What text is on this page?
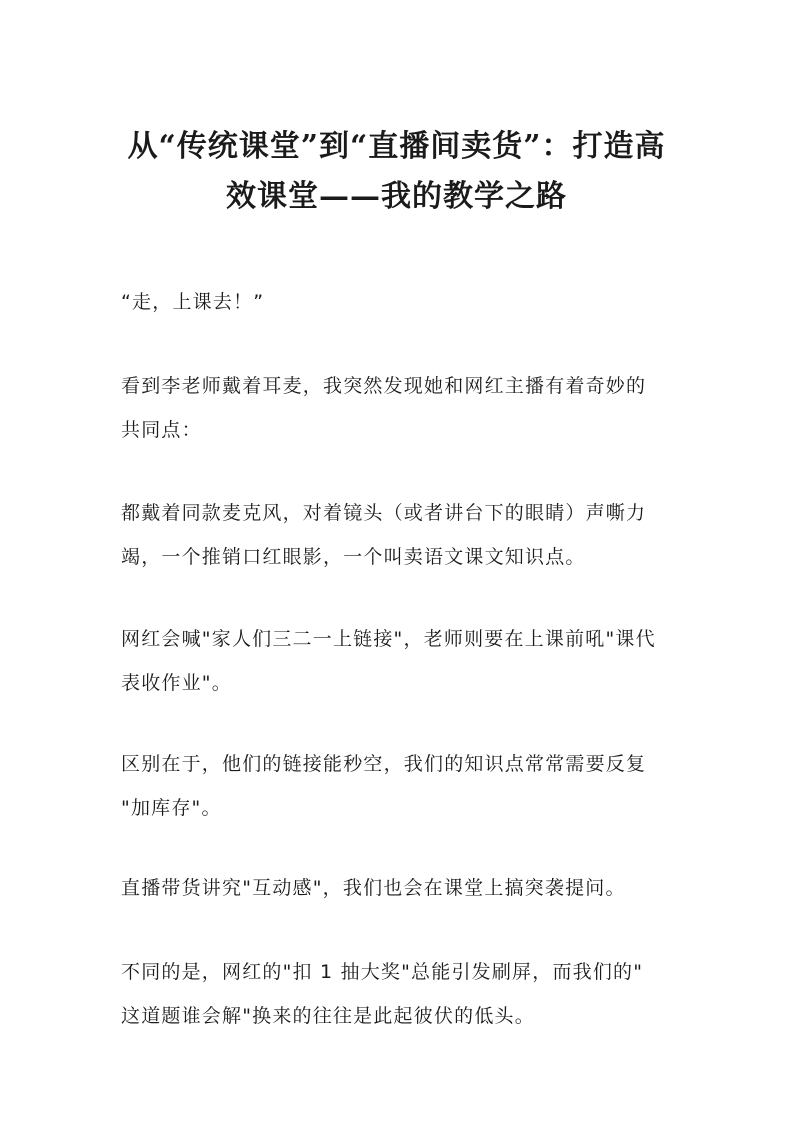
从“传统课堂”到“直播间卖货”：打造高
效课堂——我的教学之路

“走，上课去！”

看到李老师戴着耳麦，我突然发现她和网红主播有着奇妙的
共同点：

都戴着同款麦克风，对着镜头（或者讲台下的眼睛）声嘶力
竭，一个推销口红眼影，一个叫卖语文课文知识点。

网红会喊"家人们三二一上链接"，老师则要在上课前吼"课代
表收作业"。

区别在于，他们的链接能秒空，我们的知识点常常需要反复
"加库存"。

直播带货讲究"互动感"，我们也会在课堂上搞突袭提问。

不同的是，网红的"扣 1 抽大奖"总能引发刷屏，而我们的"
这道题谁会解"换来的往往是此起彼伏的低头。
